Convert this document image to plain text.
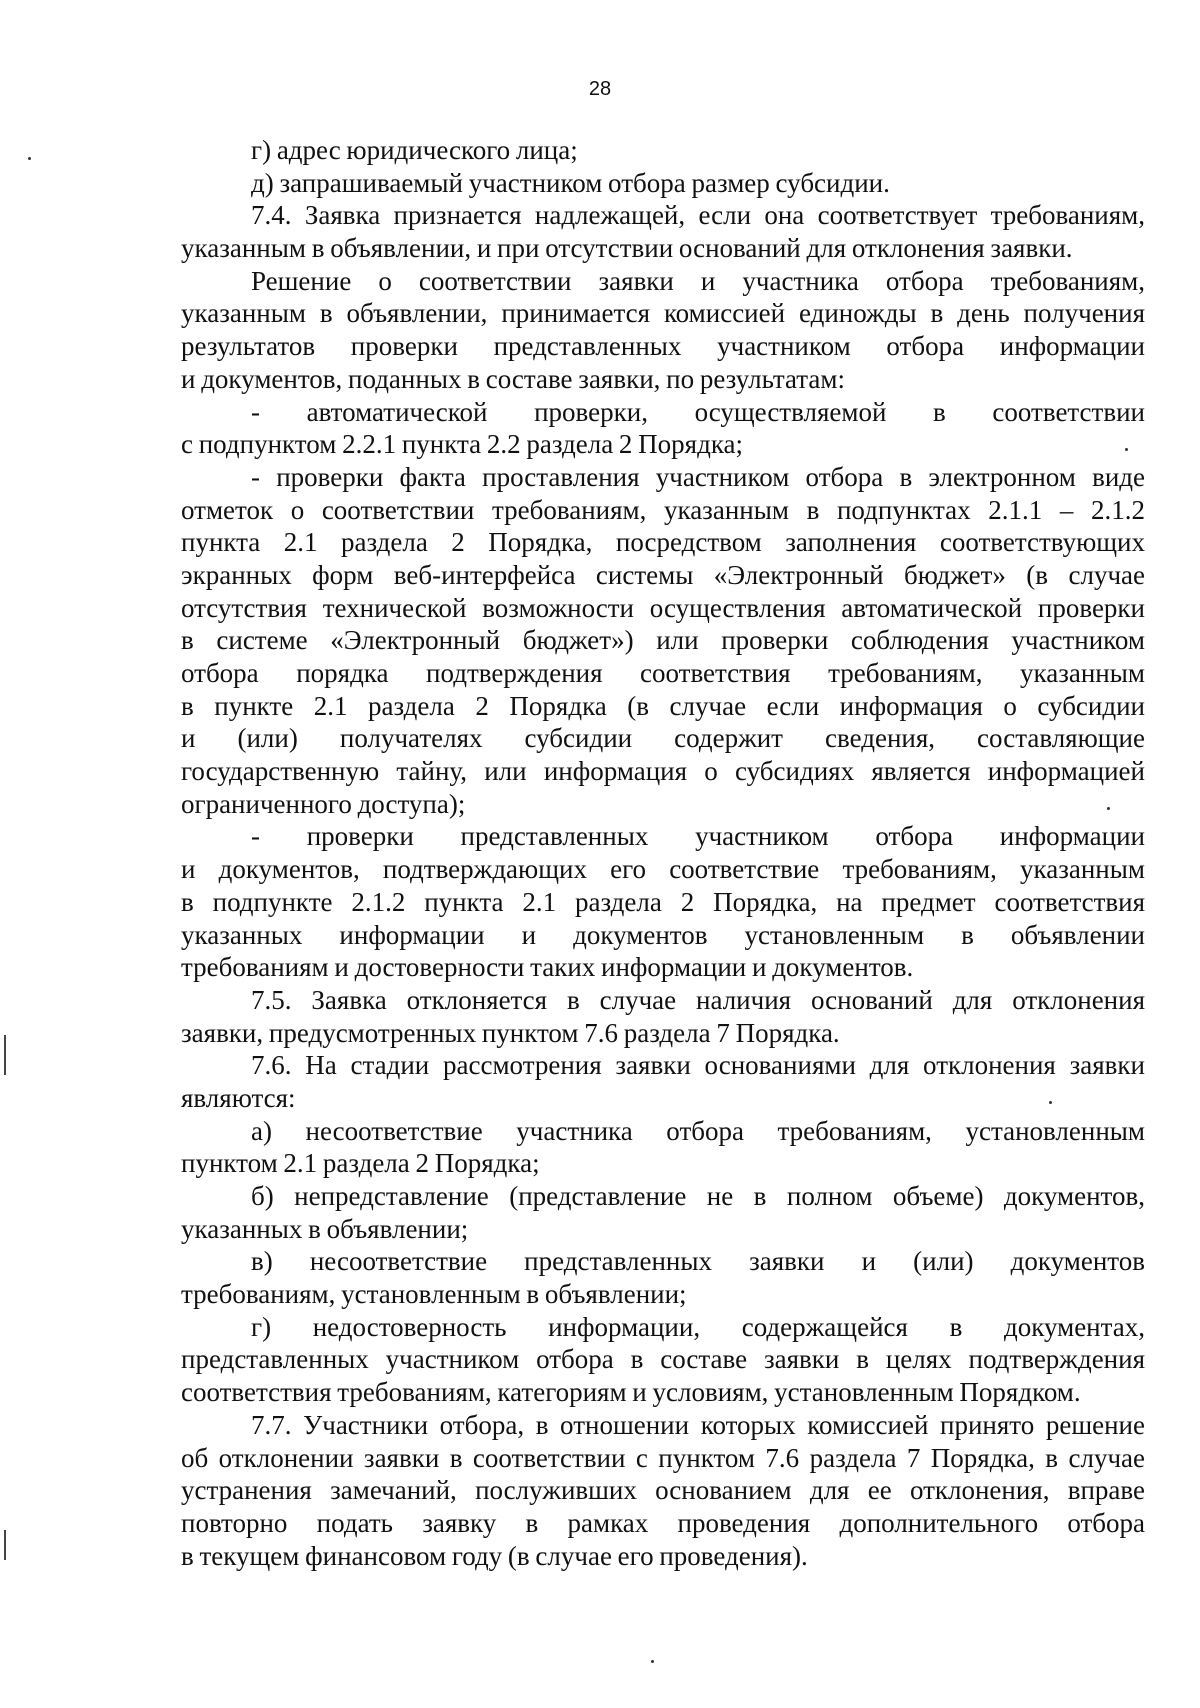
28
г) адрес юридического лица;
д) запрашиваемый участником отбора размер субсидии.
7.4. Заявка признается надлежащей, если она соответствует требованиям,
указанным в объявлении, и при отсутствии оснований для отклонения заявки.
Решение о соответствии заявки и участника отбора требованиям,
указанным в объявлении, принимается комиссией единожды в день получения
результатов проверки представленных участником отбора информации
и документов, поданных в составе заявки, по результатам:
- автоматической проверки, осуществляемой в соответствии
с подпунктом 2.2.1 пункта 2.2 раздела 2 Порядка;
- проверки факта проставления участником отбора в электронном виде
отметок о соответствии требованиям, указанным в подпунктах 2.1.1 – 2.1.2
пункта 2.1 раздела 2 Порядка, посредством заполнения соответствующих
экранных форм веб-интерфейса системы «Электронный бюджет» (в случае
отсутствия технической возможности осуществления автоматической проверки
в системе «Электронный бюджет») или проверки соблюдения участником
отбора порядка подтверждения соответствия требованиям, указанным
в пункте 2.1 раздела 2 Порядка (в случае если информация о субсидии
и (или) получателях субсидии содержит сведения, составляющие
государственную тайну, или информация о субсидиях является информацией
ограниченного доступа);
- проверки представленных участником отбора информации
и документов, подтверждающих его соответствие требованиям, указанным
в подпункте 2.1.2 пункта 2.1 раздела 2 Порядка, на предмет соответствия
указанных информации и документов установленным в объявлении
требованиям и достоверности таких информации и документов.
7.5. Заявка отклоняется в случае наличия оснований для отклонения
заявки, предусмотренных пунктом 7.6 раздела 7 Порядка.
7.6. На стадии рассмотрения заявки основаниями для отклонения заявки
являются:
а) несоответствие участника отбора требованиям, установленным
пунктом 2.1 раздела 2 Порядка;
б) непредставление (представление не в полном объеме) документов,
указанных в объявлении;
в) несоответствие представленных заявки и (или) документов
требованиям, установленным в объявлении;
г) недостоверность информации, содержащейся в документах,
представленных участником отбора в составе заявки в целях подтверждения
соответствия требованиям, категориям и условиям, установленным Порядком.
7.7. Участники отбора, в отношении которых комиссией принято решение
об отклонении заявки в соответствии с пунктом 7.6 раздела 7 Порядка, в случае
устранения замечаний, послуживших основанием для ее отклонения, вправе
повторно подать заявку в рамках проведения дополнительного отбора
в текущем финансовом году (в случае его проведения).
